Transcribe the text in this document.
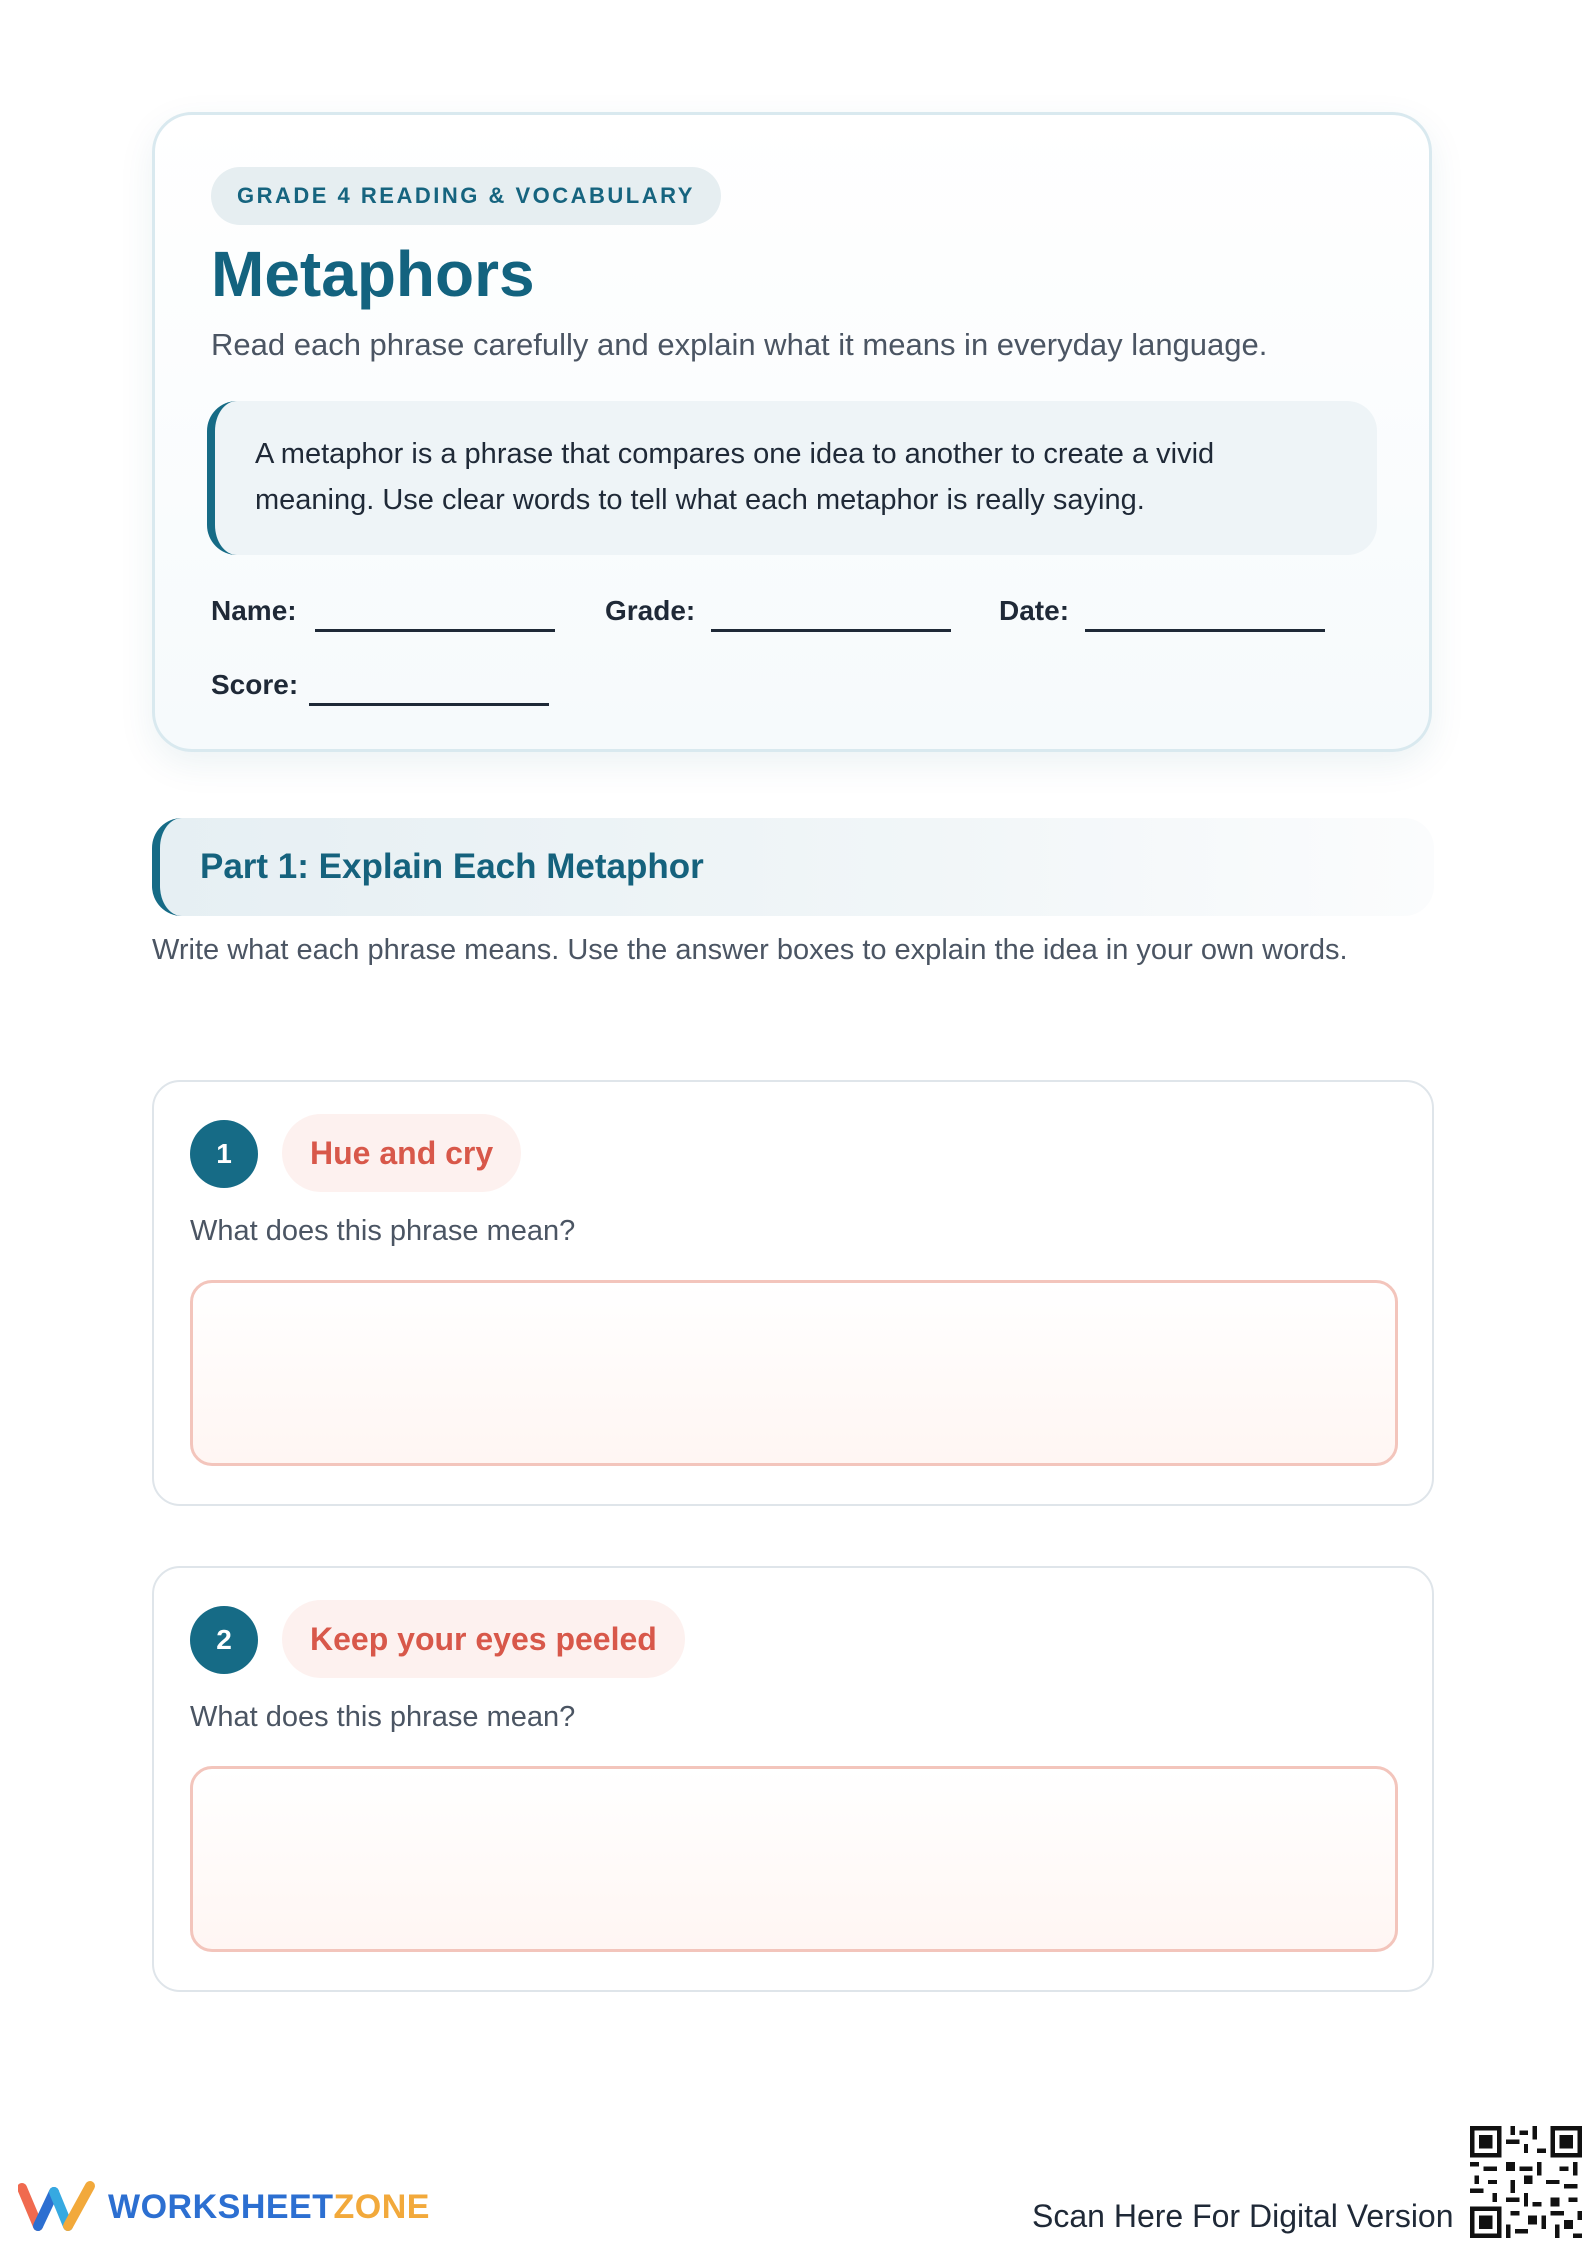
GRADE 4 READING & VOCABULARY
Metaphors

Read each phrase carefully and explain what it means in everyday language.

A metaphor is a phrase that compares one idea to another to create a vivid meaning. Use clear words to tell what each metaphor is really saying.
Name:	Grade:	Date:
Score:
Part 1: Explain Each Metaphor

Write what each phrase means. Use the answer boxes to explain the idea in your own words.

1	Hue and cry
What does this phrase mean?
2	Keep your eyes peeled
What does this phrase mean?
WORKSHEETZONE	Scan Here For Digital Version
